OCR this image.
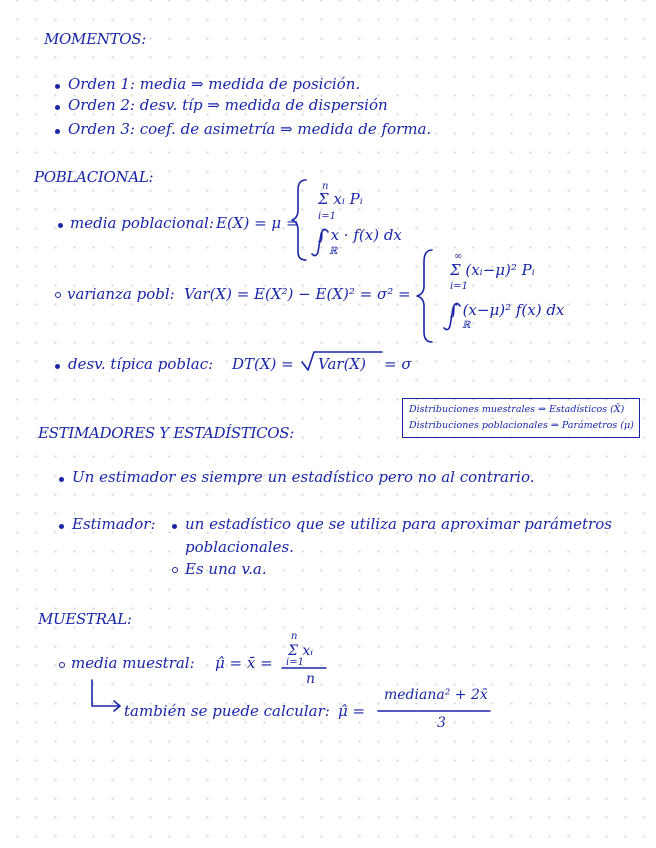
MOMENTOS:
Orden 1: media ⇒ medida de posición.
Orden 2: desv. típ ⇒ medida de dispersión
Orden 3: coef. de asimetría ⇒ medida de forma.
POBLACIONAL:
media poblacional: E(X) = μ =
n
i=1
Σ xᵢ Pᵢ
∫ x · f(x) dx
ℝ
varianza pobl: Var(X) = E(X²) − E(X)² = σ² =
∞
i=1
Σ (xᵢ−μ)² Pᵢ
∫ (x−μ)² f(x) dx
ℝ
desv. típica poblac: DT(X) = Var(X) = σ
Distribuciones muestrales ⇒ Estadísticos (X̄)
Distribuciones poblacionales ⇒ Parámetros (μ)
ESTIMADORES Y ESTADÍSTICOS:
Un estimador es siempre un estadístico pero no al contrario.
Estimador: un estadístico que se utiliza para aproximar parámetros
poblacionales.
Es una v.a.
MUESTRAL:
media muestral: μ̂ = x̄ =
n
i=1
Σ xᵢ
n
también se puede calcular: μ̂ =
mediana² + 2x̄
3
